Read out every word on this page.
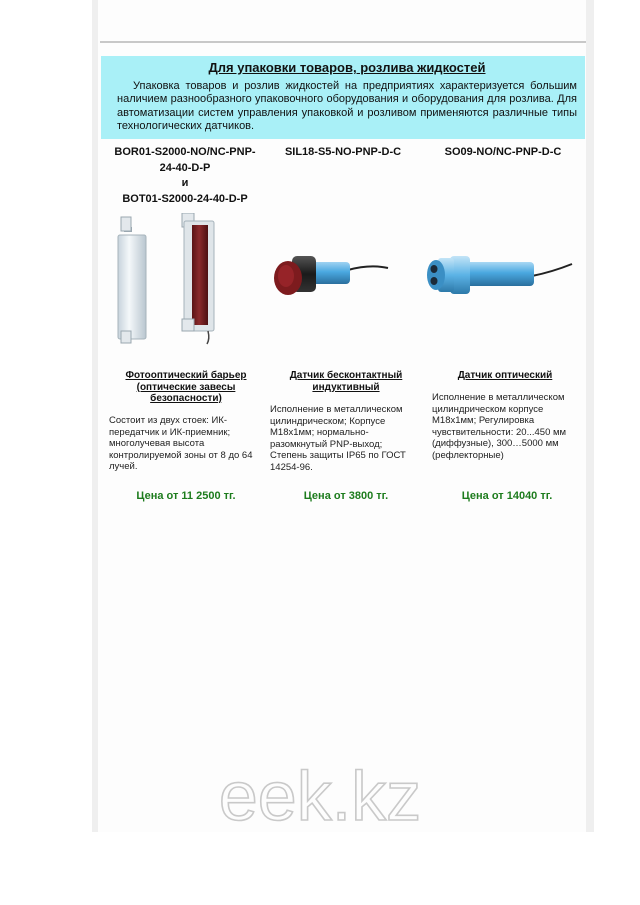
Для упаковки товаров, розлива жидкостей

Упаковка товаров и розлив жидкостей на предприятиях характеризуется большим наличием разнообразного упаковочного оборудования и оборудования для розлива. Для автоматизации систем управления упаковкой и розливом применяются различные типы технологических датчиков.

BOR01-S2000-NO/NC-PNP-
24-40-D-P
и
BOT01-S2000-24-40-D-P
Фотооптический барьер (оптические завесы безопасности)
Состоит из двух стоек: ИК-передатчик и ИК-приемник; многолучевая высота контролируемой зоны от 8 до 64 лучей.
Цена от 11 2500 тг.
SIL18-S5-NO-PNP-D-C
Датчик бесконтактный индуктивный
Исполнение в металлическом цилиндрическом; Корпусе M18x1мм; нормально-разомкнутый PNP-выход; Степень защиты IP65 по ГОСТ 14254-96.
Цена от 3800 тг.
SO09-NO/NC-PNP-D-C
Датчик оптический
Исполнение в металлическом цилиндрическом корпусе M18x1мм; Регулировка чувствительности: 20...450 мм (диффузные), 300…5000 мм (рефлекторные)
Цена от 14040 тг.
eek.kz
